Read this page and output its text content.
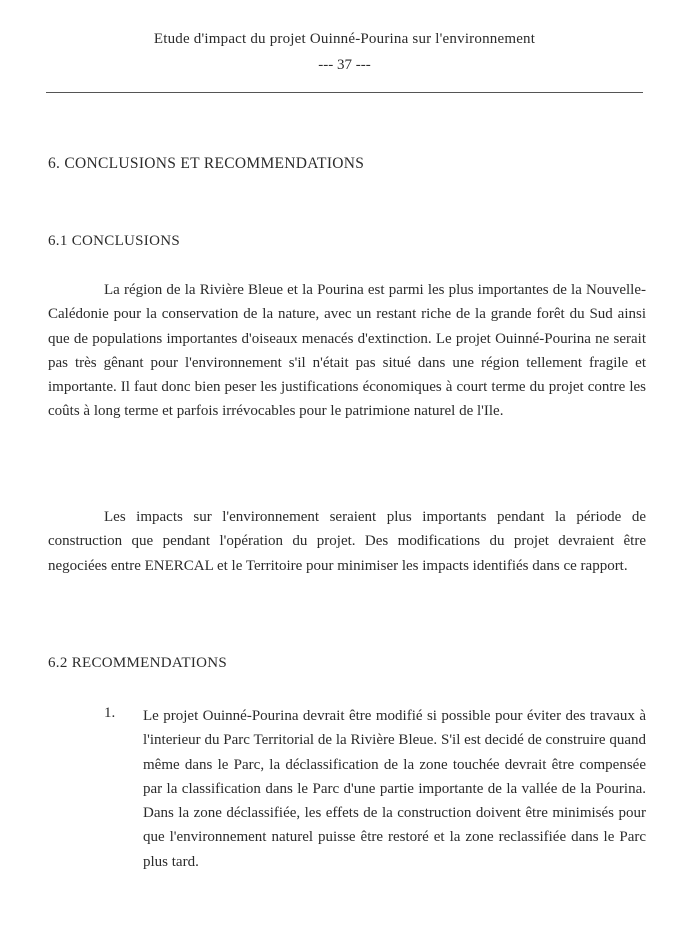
Etude d'impact du projet Ouinné-Pourina sur l'environnement
--- 37 ---
6. CONCLUSIONS ET RECOMMENDATIONS
6.1 CONCLUSIONS

La région de la Rivière Bleue et la Pourina est parmi les plus importantes de la Nouvelle-Calédonie pour la conservation de la nature, avec un restant riche de la grande forêt du Sud ainsi que de populations importantes d'oiseaux menacés d'extinction. Le projet Ouinné-Pourina ne serait pas très gênant pour l'environnement s'il n'était pas situé dans une région tellement fragile et importante. Il faut donc bien peser les justifications économiques à court terme du projet contre les coûts à long terme et parfois irrévocables pour le patrimione naturel de l'Ile.

Les impacts sur l'environnement seraient plus importants pendant la période de construction que pendant l'opération du projet. Des modifications du projet devraient être negociées entre ENERCAL et le Territoire pour minimiser les impacts identifiés dans ce rapport.

6.2 RECOMMENDATIONS
1. Le projet Ouinné-Pourina devrait être modifié si possible pour éviter des travaux à l'interieur du Parc Territorial de la Rivière Bleue. S'il est decidé de construire quand même dans le Parc, la déclassification de la zone touchée devrait être compensée par la classification dans le Parc d'une partie importante de la vallée de la Pourina. Dans la zone déclassifiée, les effets de la construction doivent être minimisés pour que l'environnement naturel puisse être restoré et la zone reclassifiée dans le Parc plus tard.
